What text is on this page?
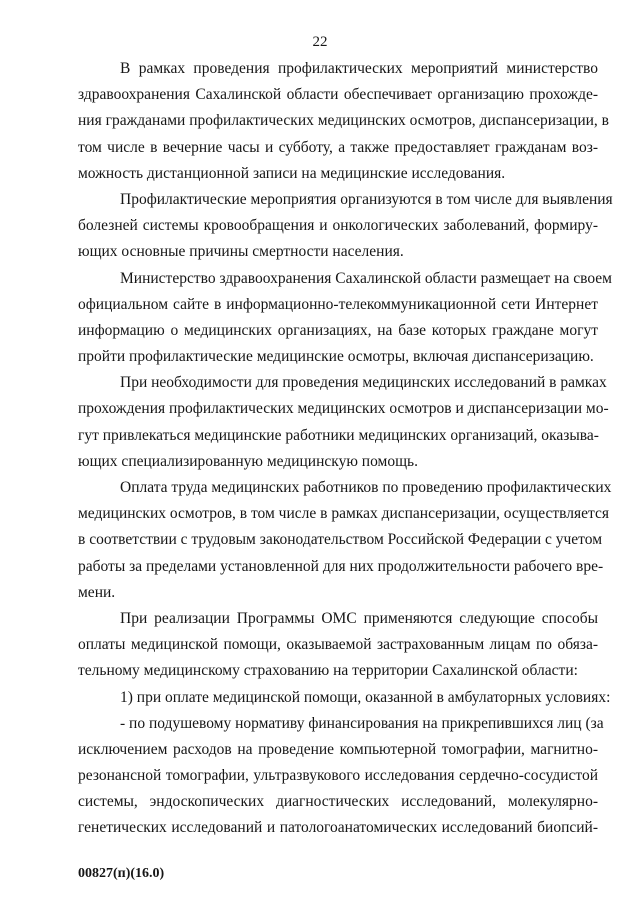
22
В рамках проведения профилактических мероприятий министерство
здравоохранения Сахалинской области обеспечивает организацию прохожде-
ния гражданами профилактических медицинских осмотров, диспансеризации, в
том числе в вечерние часы и субботу, а также предоставляет гражданам воз-
можность дистанционной записи на медицинские исследования.
Профилактические мероприятия организуются в том числе для выявления
болезней системы кровообращения и онкологических заболеваний, формиру-
ющих основные причины смертности населения.
Министерство здравоохранения Сахалинской области размещает на своем
официальном сайте в информационно-телекоммуникационной сети Интернет
информацию о медицинских организациях, на базе которых граждане могут
пройти профилактические медицинские осмотры, включая диспансеризацию.
При необходимости для проведения медицинских исследований в рамках
прохождения профилактических медицинских осмотров и диспансеризации мо-
гут привлекаться медицинские работники медицинских организаций, оказыва-
ющих специализированную медицинскую помощь.
Оплата труда медицинских работников по проведению профилактических
медицинских осмотров, в том числе в рамках диспансеризации, осуществляется
в соответствии с трудовым законодательством Российской Федерации с учетом
работы за пределами установленной для них продолжительности рабочего вре-
мени.
При реализации Программы ОМС применяются следующие способы
оплаты медицинской помощи, оказываемой застрахованным лицам по обяза-
тельному медицинскому страхованию на территории Сахалинской области:
1) при оплате медицинской помощи, оказанной в амбулаторных условиях:
- по подушевому нормативу финансирования на прикрепившихся лиц (за
исключением расходов на проведение компьютерной томографии, магнитно-
резонансной томографии, ультразвукового исследования сердечно-сосудистой
системы, эндоскопических диагностических исследований, молекулярно-
генетических исследований и патологоанатомических исследований биопсий-
00827(п)(16.0)
